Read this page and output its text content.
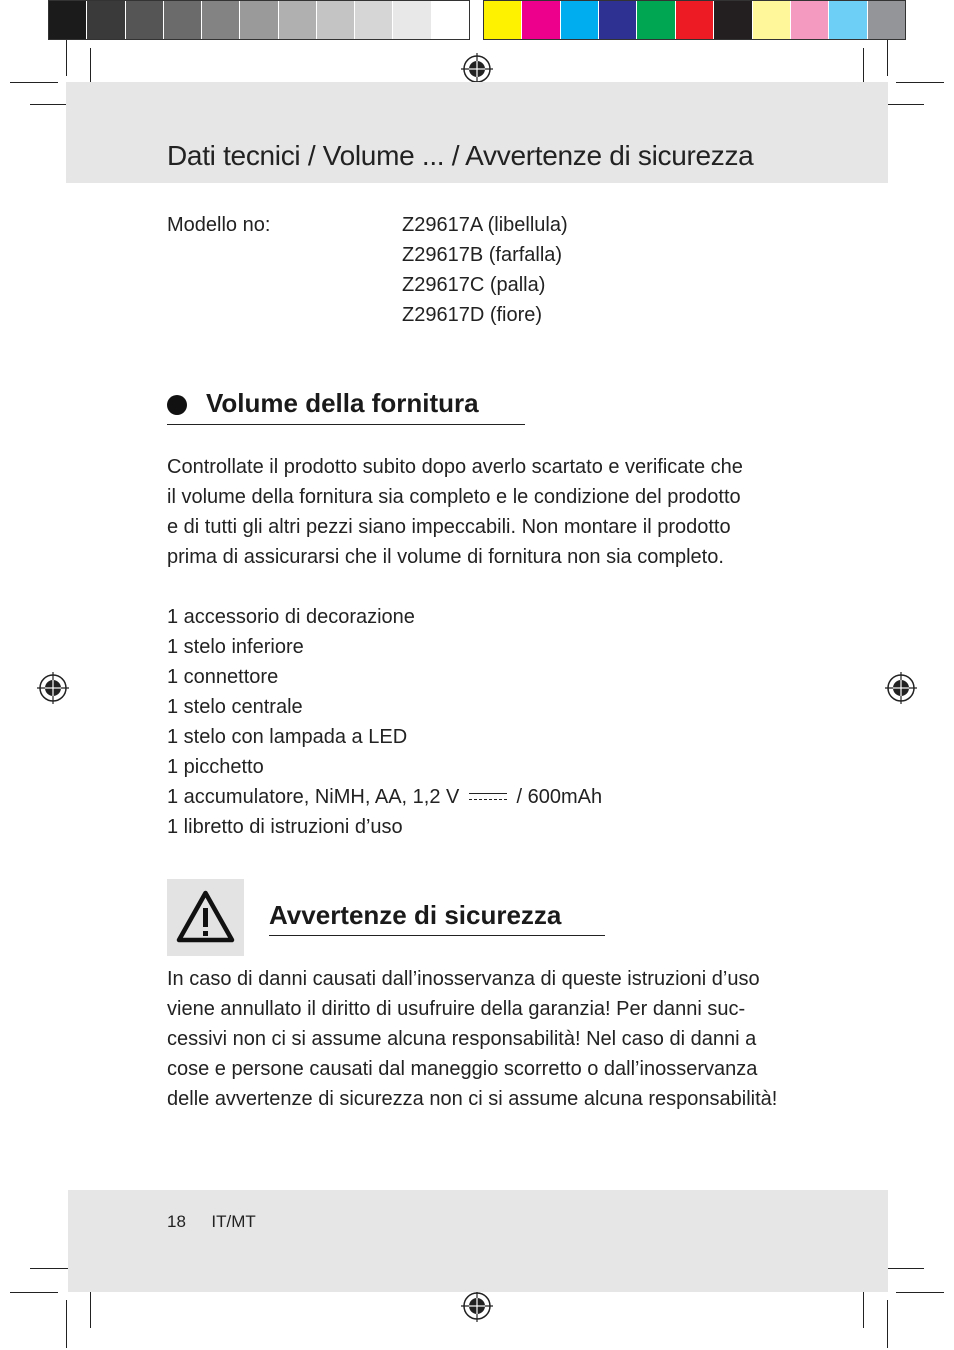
Dati tecnici / Volume ... / Avvertenze di sicurezza
Modello no:	Z29617A (libellula)
Z29617B (farfalla)
Z29617C (palla)
Z29617D (fiore)
Volume della fornitura
Controllate il prodotto subito dopo averlo scartato e verificate che
il volume della fornitura sia completo e le condizione del prodotto
e di tutti gli altri pezzi siano impeccabili. Non montare il prodotto
prima di assicurarsi che il volume di fornitura non sia completo.
1 accessorio di decorazione
1 stelo inferiore
1 connettore
1 stelo centrale
1 stelo con lampada a LED
1 picchetto
1 accumulatore, NiMH, AA, 1,2 V	/ 600mAh
1 libretto di istruzioni d’uso
Avvertenze di sicurezza
In caso di danni causati dall’inosservanza di queste istruzioni d’uso
viene annullato il diritto di usufruire della garanzia! Per danni suc-
cessivi non ci si assume alcuna responsabilità! Nel caso di danni a
cose e persone causati dal maneggio scorretto o dall’inosservanza
delle avvertenze di sicurezza non ci si assume alcuna responsabilità!
18 IT/MT
